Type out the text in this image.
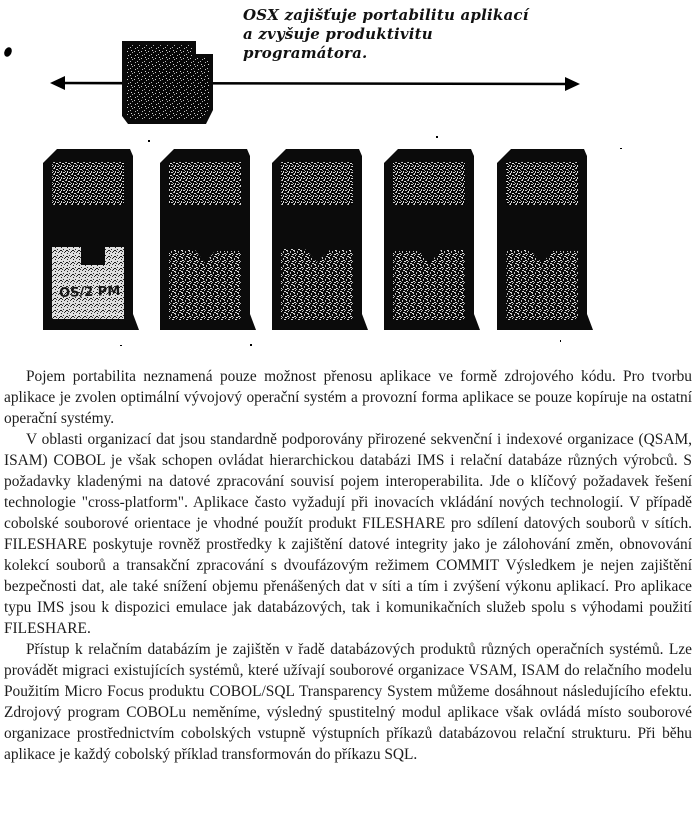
OS/2 PM
OSX zajišťuje portabilitu aplikací
a zvyšuje produktivitu programátora.

Pojem portabilita neznamená pouze možnost přenosu aplikace ve formě zdrojového kódu. Pro tvorbu aplikace je zvolen optimální vývojový operační systém a provozní forma aplikace se pouze kopíruje na ostatní operační systémy.

V oblasti organizací dat jsou standardně podporovány přirozené sekvenční i indexové organizace (QSAM, ISAM) COBOL je však schopen ovládat hierarchickou databázi IMS i relační databáze různých výrobců. S požadavky kladenými na datové zpracování souvisí pojem interoperabilita. Jde o klíčový požadavek řešení technologie "cross-platform". Aplikace často vyžadují při inovacích vkládání nových technologií. V případě cobolské souborové orientace je vhodné použít produkt FILESHARE pro sdílení datových souborů v sítích. FILESHARE poskytuje rovněž prostředky k zajištění datové integrity jako je zálohování změn, obnovování kolekcí souborů a transakční zpracování s dvoufázovým režimem COMMIT Výsledkem je nejen zajištění bezpečnosti dat, ale také snížení objemu přenášených dat v síti a tím i zvýšení výkonu aplikací. Pro aplikace typu IMS jsou k dispozici emulace jak databázových, tak i komunikačních služeb spolu s výhodami použití FILESHARE.

Přístup k relačním databázím je zajištěn v řadě databázových produktů různých operačních systémů. Lze provádět migraci existujících systémů, které užívají souborové organizace VSAM, ISAM do relačního modelu Použitím Micro Focus produktu COBOL/SQL Transparency System můžeme dosáhnout následujícího efektu. Zdrojový program COBOLu neměníme, výsledný spustitelný modul aplikace však ovládá místo souborové organizace prostřednictvím cobolských vstupně výstupních příkazů databázovou relační strukturu. Při běhu aplikace je každý cobolský příklad transformován do příkazu SQL.
